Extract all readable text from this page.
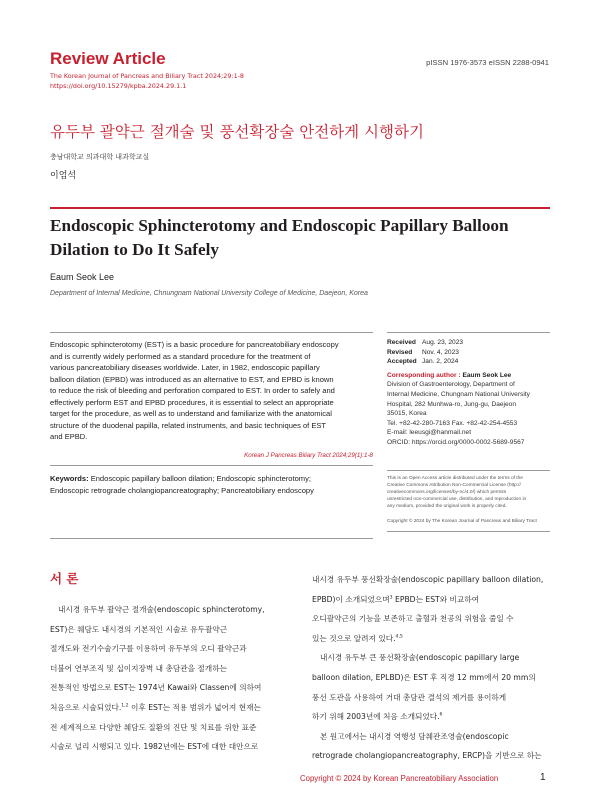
Review Article
The Korean Journal of Pancreas and Biliary Tract 2024;29:1-8
https://doi.org/10.15279/kpba.2024.29.1.1
pISSN 1976-3573 eISSN 2288-0941
유두부 괄약근 절개술 및 풍선확장술 안전하게 시행하기
충남대학교 의과대학 내과학교실
이엄석
Endoscopic Sphincterotomy and Endoscopic Papillary Balloon
Dilation to Do It Safely
Eaum Seok Lee
Department of Internal Medicine, Chnungnam National University College of Medicine, Daejeon, Korea
Endoscopic sphincterotomy (EST) is a basic procedure for pancreatobiliary endoscopy
and is currently widely performed as a standard procedure for the treatment of
various pancreatobiliary diseases worldwide. Later, in 1982, endoscopic papillary
balloon dilation (EPBD) was introduced as an alternative to EST, and EPBD is known
to reduce the risk of bleeding and perforation compared to EST. In order to safely and
effectively perform EST and EPBD procedures, it is essential to select an appropriate
target for the procedure, as well as to understand and familiarize with the anatomical
structure of the duodenal papilla, related instruments, and basic techniques of EST
and EPBD.
Korean J Pancreas Biliary Tract 2024;29(1):1-8
Keywords: Endoscopic papillary balloon dilation; Endoscopic sphincterotomy;
Endoscopic retrograde cholangiopancreatography; Pancreatobiliary endoscopy
Received Aug. 23, 2023
Revised Nov. 4, 2023
Accepted Jan. 2, 2024
Corresponding author : Eaum Seok Lee
Division of Gastroenterology, Department of
Internal Medicine, Chungnam National University
Hospital, 282 Munhwa-ro, Jung-gu, Daejeon
35015, Korea
Tel. +82-42-280-7163 Fax. +82-42-254-4553
E-mail: leeusgi@hanmail.net
ORCID: https://orcid.org/0000-0002-5689-9567
This is an Open Access article distributed under the terms of the
Creative Commons Attribution Non-Commercial License (http://
creativecommons.org/licenses/by-nc/4.0/) which permits
unrestricted non-commercial use, distribution, and reproduction in
any medium, provided the original work is properly cited.
Copyright © 2024 by The Korean Journal of Pancreas and Biliary Tract
서 론
내시경 유두부 괄약근 절개술(endoscopic sphincterotomy,
EST)은 췌담도 내시경의 기본적인 시술로 유두괄약근
절개도와 전기수술기구를 이용하여 유두부의 오디 괄약근과
더불어 연부조직 및 십이지장벽 내 총담관을 절개하는
전통적인 방법으로 EST는 1974년 Kawai와 Classen에 의하여
처음으로 시술되었다.$^{1,2}$ 이후 EST는 적용 범위가 넓어져 현재는
전 세계적으로 다양한 췌담도 질환의 진단 및 치료를 위한 표준
시술로 널리 시행되고 있다. 1982년에는 EST에 대한 대안으로
내시경 유두부 풍선확장술(endoscopic papillary balloon dilation,
EPBD)이 소개되었으며$^3$ EPBD는 EST와 비교하여
오디괄약근의 기능을 보존하고 출혈과 천공의 위험을 줄일 수
있는 것으로 알려져 있다.$^{4,5}$
내시경 유두부 큰 풍선확장술(endoscopic papillary large
balloon dilation, EPLBD)은 EST 후 직경 12 mm에서 20 mm의
풍선 도관을 사용하여 거대 총담관 결석의 제거를 용이하게
하기 위해 2003년에 처음 소개되었다.$^6$
본 원고에서는 내시경 역행성 담췌관조영술(endoscopic
retrograde cholangiopancreatography, ERCP)을 기반으로 하는
Copyright © 2024 by Korean Pancreatobiliary Association	1
